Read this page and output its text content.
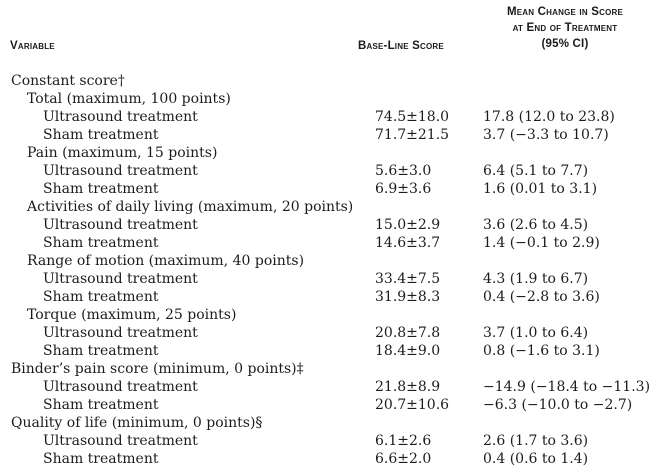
Variable	Base-Line Score
Mean Change in Score
at End of Treatment
(95% CI)
Constant score†
Total (maximum, 100 points)
Ultrasound treatment	74.5±18.0 17.8 (12.0 to 23.8)
Sham treatment	71.7±21.5 3.7 (−3.3 to 10.7)
Pain (maximum, 15 points)
Ultrasound treatment	5.6±3.0	6.4 (5.1 to 7.7)
Sham treatment	6.9±3.6	1.6 (0.01 to 3.1)
Activities of daily living (maximum, 20 points)
Ultrasound treatment	15.0±2.9	3.6 (2.6 to 4.5)
Sham treatment	14.6±3.7	1.4 (−0.1 to 2.9)
Range of motion (maximum, 40 points)
Ultrasound treatment	33.4±7.5	4.3 (1.9 to 6.7)
Sham treatment	31.9±8.3	0.4 (−2.8 to 3.6)
Torque (maximum, 25 points)
Ultrasound treatment	20.8±7.8	3.7 (1.0 to 6.4)
Sham treatment	18.4±9.0	0.8 (−1.6 to 3.1)
Binder’s pain score (minimum, 0 points)‡
Ultrasound treatment	21.8±8.9	−14.9 (−18.4 to −11.3)
Sham treatment	20.7±10.6 −6.3 (−10.0 to −2.7)
Quality of life (minimum, 0 points)§
Ultrasound treatment	6.1±2.6	2.6 (1.7 to 3.6)
Sham treatment	6.6±2.0	0.4 (0.6 to 1.4)
